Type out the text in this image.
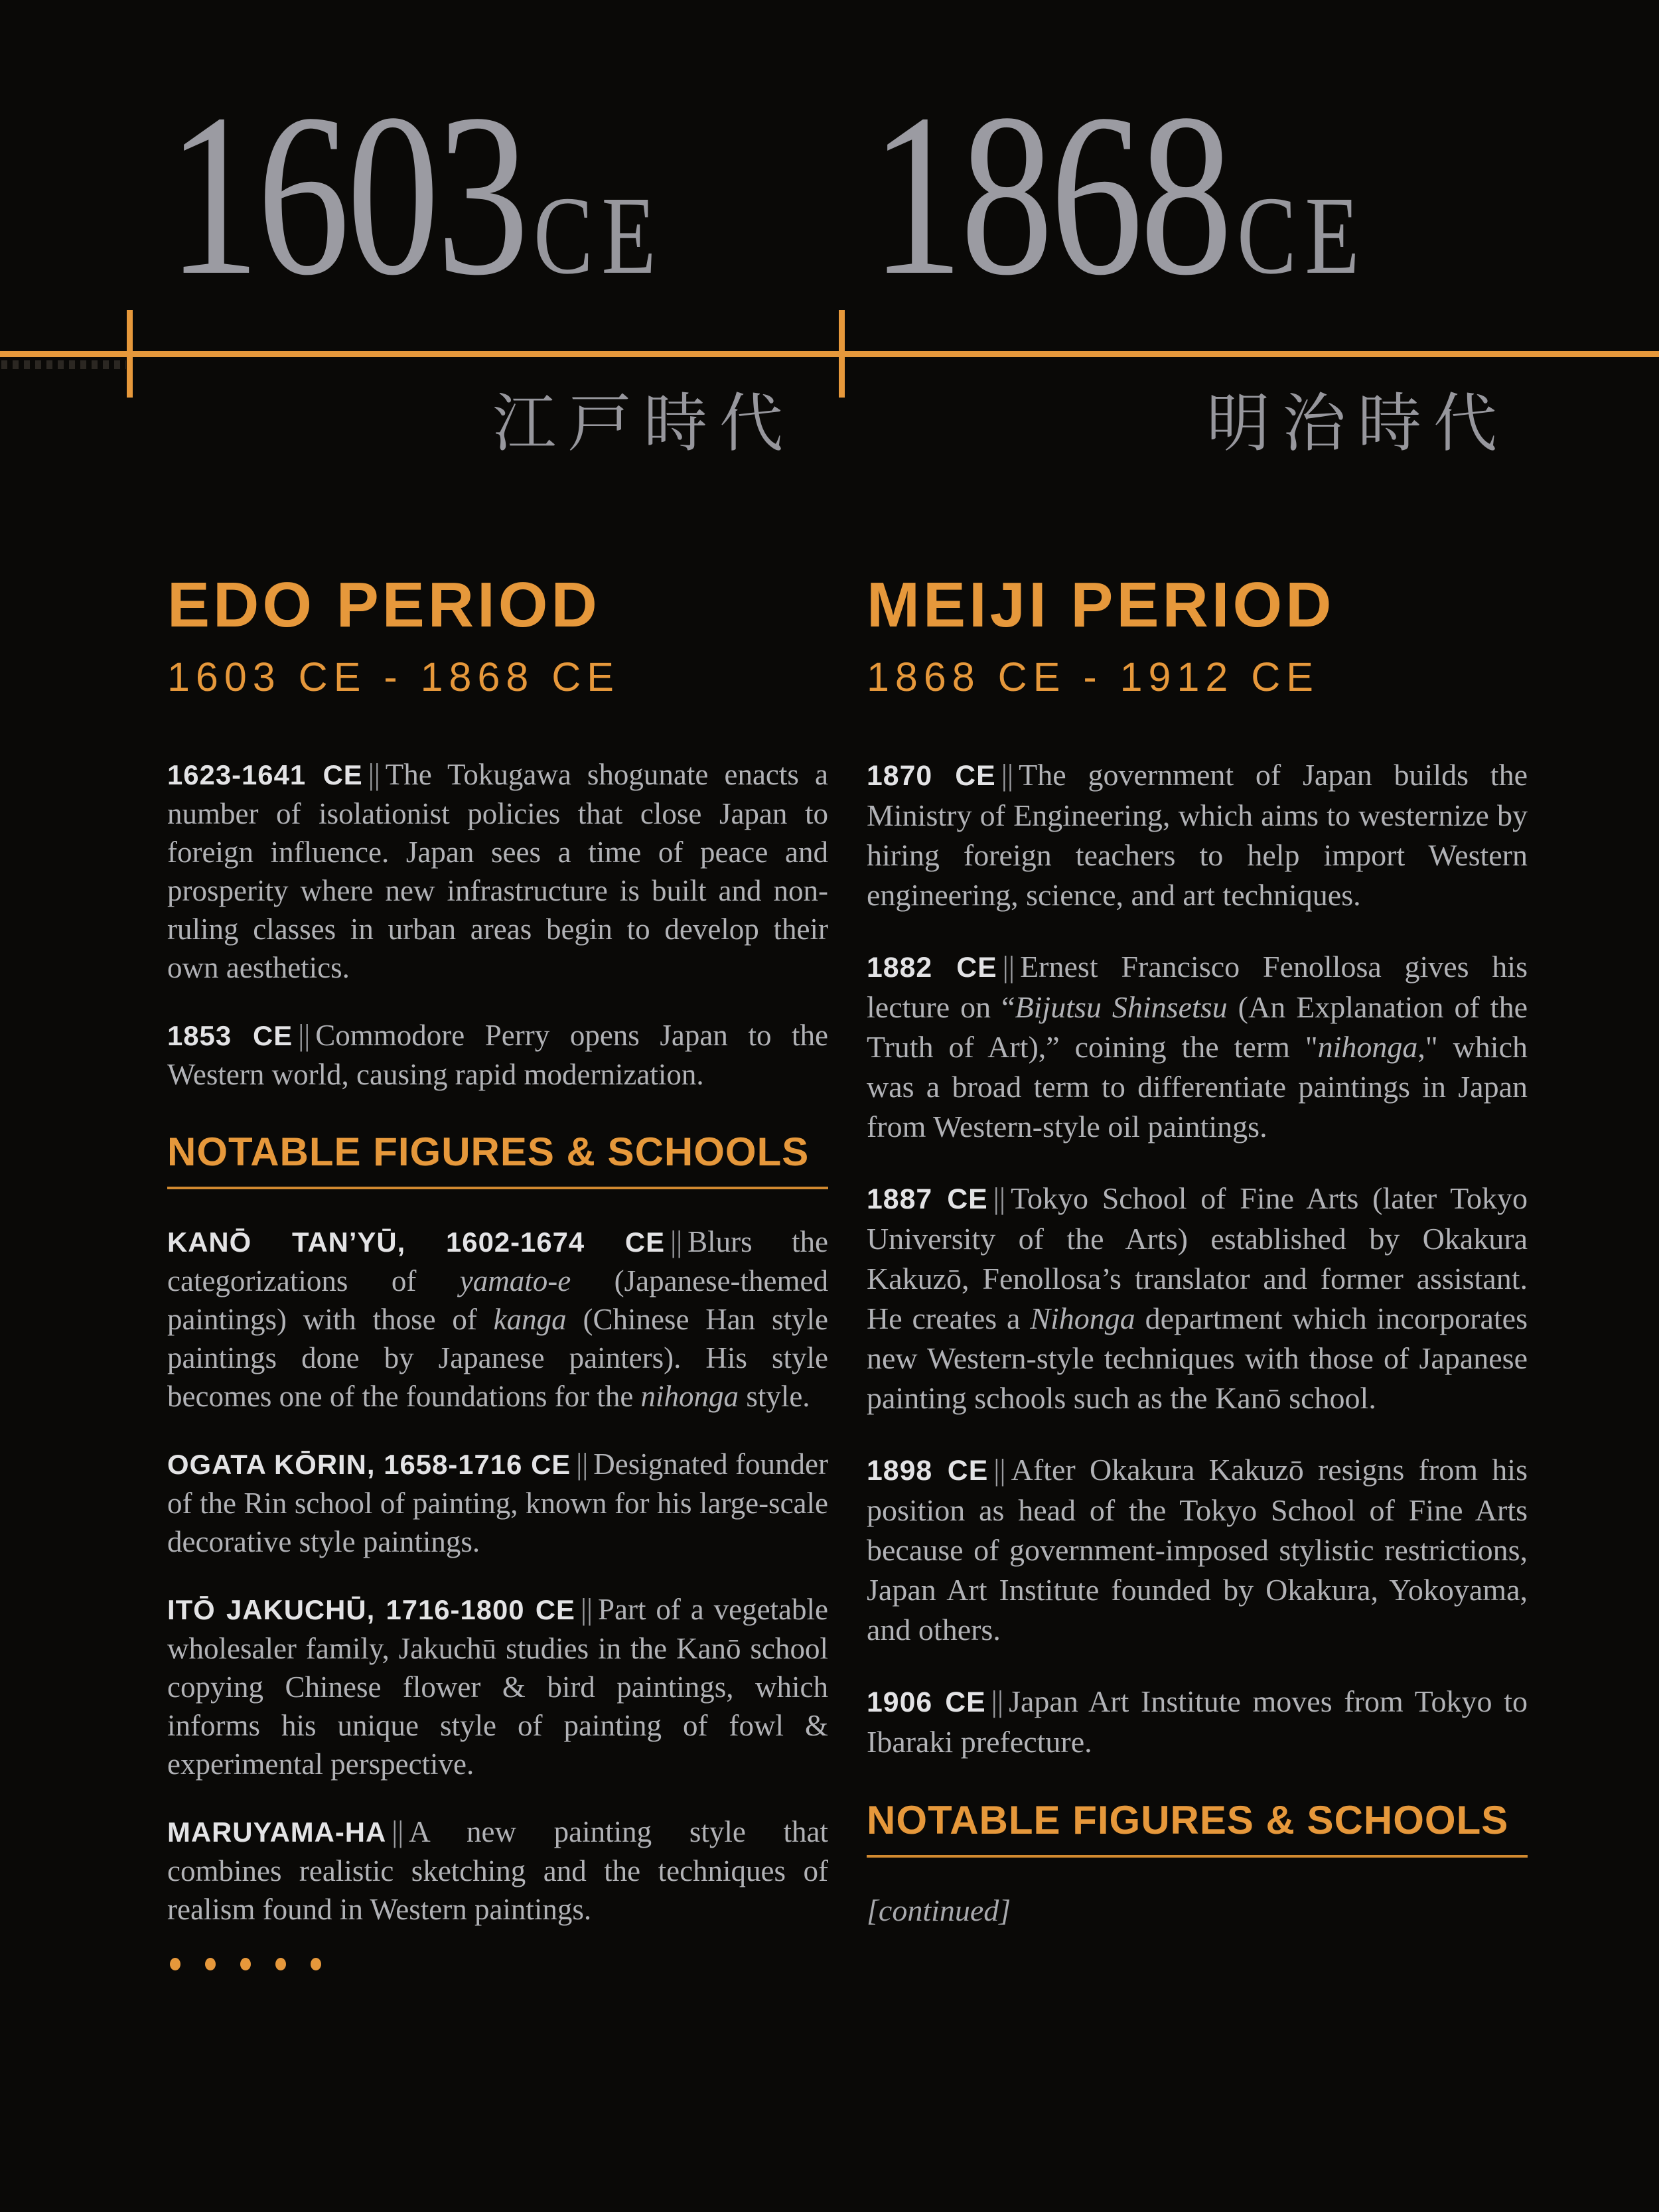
1603CE 1868CE
江戸時代	明治時代
EDO PERIOD
1603 CE - 1868 CE

1623-1641 CE || The Tokugawa shogunate enacts a number of isolationist policies that close Japan to foreign influence. Japan sees a time of peace and prosperity where new infrastructure is built and non-ruling classes in urban areas begin to develop their own aesthetics.

1853 CE || Commodore Perry opens Japan to the Western world, causing rapid modernization.

NOTABLE FIGURES & SCHOOLS

KANŌ TAN’YŪ, 1602-1674 CE || Blurs the categorizations of yamato-e (Japanese-themed paintings) with those of kanga (Chinese Han style paintings done by Japanese painters). His style becomes one of the foundations for the nihonga style.

OGATA KŌRIN, 1658-1716 CE || Designated founder of the Rin school of painting, known for his large-scale decorative style paintings.

ITŌ JAKUCHŪ, 1716-1800 CE || Part of a vegetable wholesaler family, Jakuchū studies in the Kanō school copying Chinese flower & bird paintings, which informs his unique style of painting of fowl & experimental perspective.

MARUYAMA-HA || A new painting style that combines realistic sketching and the techniques of realism found in Western paintings.

MEIJI PERIOD
1868 CE - 1912 CE

1870 CE || The government of Japan builds the Ministry of Engineering, which aims to westernize by hiring foreign teachers to help import Western engineering, science, and art techniques.

1882 CE || Ernest Francisco Fenollosa gives his lecture on “Bijutsu Shinsetsu (An Explanation of the Truth of Art),” coining the term "nihonga," which was a broad term to differentiate paintings in Japan from Western-style oil paintings.

1887 CE || Tokyo School of Fine Arts (later Tokyo University of the Arts) established by Okakura Kakuzō, Fenollosa’s translator and former assistant. He creates a Nihonga department which incorporates new Western-style techniques with those of Japanese painting schools such as the Kanō school.

1898 CE || After Okakura Kakuzō resigns from his position as head of the Tokyo School of Fine Arts because of government-imposed stylistic restrictions, Japan Art Institute founded by Okakura, Yokoyama, and others.

1906 CE || Japan Art Institute moves from Tokyo to Ibaraki prefecture.

NOTABLE FIGURES & SCHOOLS

[continued]
